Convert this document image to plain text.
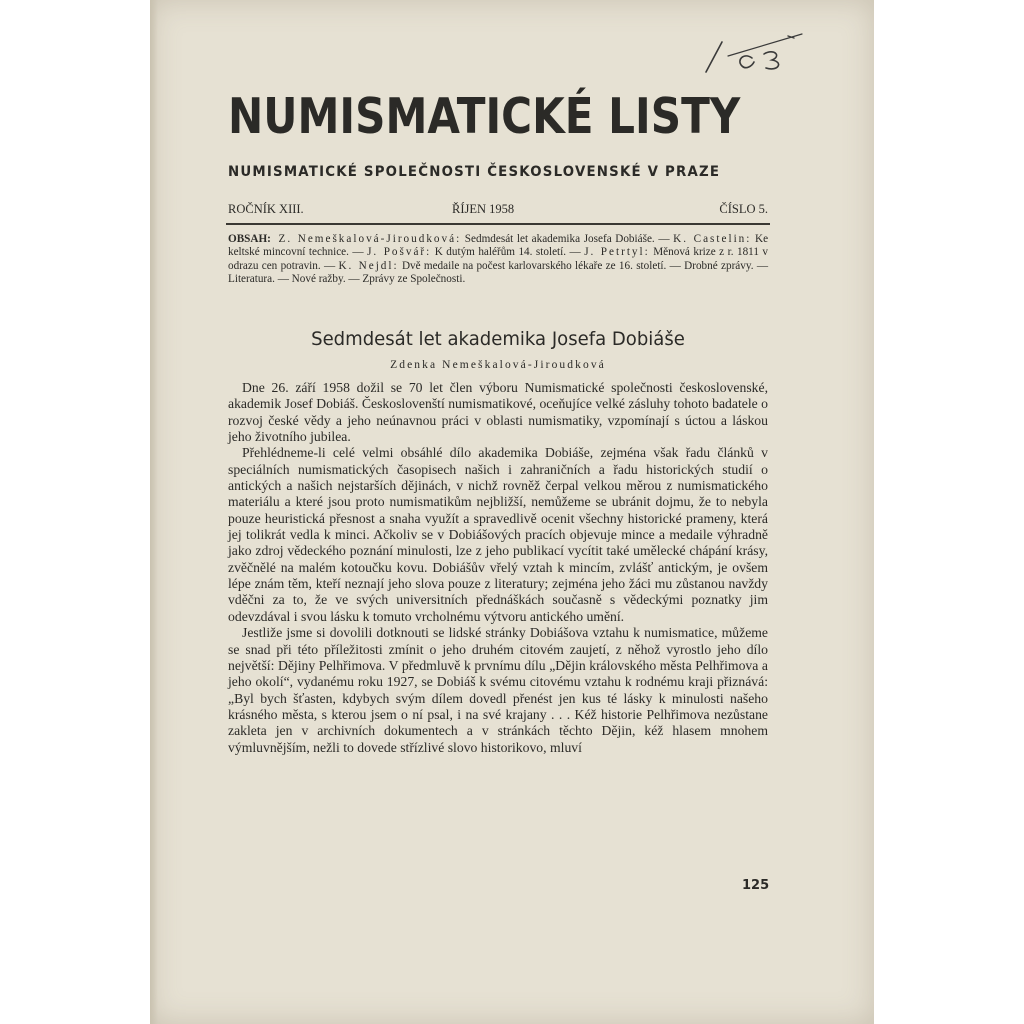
c3
NUMISMATICKÉ LISTY
NUMISMATICKÉ SPOLEČNOSTI ČESKOSLOVENSKÉ V PRAZE
ROČNÍK XIII.	ŘÍJEN 1958	ČÍSLO 5.
OBSAH: Z. Nemeškalová-Jiroudková: Sedmdesát let akademika Josefa Dobiáše. — K. Castelin: Ke keltské mincovní technice. — J. Pošvář: K dutým haléřům 14. století. — J. Petrtyl: Měnová krize z r. 1811 v odrazu cen potravin. — K. Nejdl: Dvě medaile na počest karlovarského lékaře ze 16. století. — Drobné zprávy. — Literatura. — Nové ražby. — Zprávy ze Společnosti.
Sedmdesát let akademika Josefa Dobiáše
Zdenka Nemeškalová-Jiroudková

Dne 26. září 1958 dožil se 70 let člen výboru Numismatické společnosti československé, akademik Josef Dobiáš. Českoslovenští numismatikové, oceňujíce velké zásluhy tohoto badatele o rozvoj české vědy a jeho neúnavnou práci v oblasti numismatiky, vzpomínají s úctou a láskou jeho životního jubilea.

Přehlédneme-li celé velmi obsáhlé dílo akademika Dobiáše, zejména však řadu článků v speciálních numismatických časopisech našich i zahraničních a řadu historických studií o antických a našich nejstarších dějinách, v nichž rovněž čerpal velkou měrou z numismatického materiálu a které jsou proto numismatikům nejbližší, nemůžeme se ubránit dojmu, že to nebyla pouze heuristická přesnost a snaha využít a spravedlivě ocenit všechny historické prameny, která jej tolikrát vedla k minci. Ačkoliv se v Dobiášových pracích objevuje mince a medaile výhradně jako zdroj vědeckého poznání minulosti, lze z jeho publikací vycítit také umělecké chápání krásy, zvěčnělé na malém kotoučku kovu. Dobiášův vřelý vztah k mincím, zvlášť antickým, je ovšem lépe znám těm, kteří neznají jeho slova pouze z literatury; zejména jeho žáci mu zůstanou navždy vděčni za to, že ve svých universitních přednáškách současně s vědeckými poznatky jim odevzdával i svou lásku k tomuto vrcholnému výtvoru antického umění.

Jestliže jsme si dovolili dotknouti se lidské stránky Dobiášova vztahu k numismatice, můžeme se snad při této příležitosti zmínit o jeho druhém citovém zaujetí, z něhož vyrostlo jeho dílo největší: Dějiny Pelhřimova. V předmluvě k prvnímu dílu „Dějin královského města Pelhřimova a jeho okolí“, vydanému roku 1927, se Dobiáš k svému citovému vztahu k rodnému kraji přiznává: „Byl bych šťasten, kdybych svým dílem dovedl přenést jen kus té lásky k minulosti našeho krásného města, s kterou jsem o ní psal, i na své krajany . . . Kéž historie Pelhřimova nezůstane zakleta jen v archivních dokumentech a v stránkách těchto Dějin, kéž hlasem mnohem výmluvnějším, nežli to dovede střízlivé slovo historikovo, mluví

125
